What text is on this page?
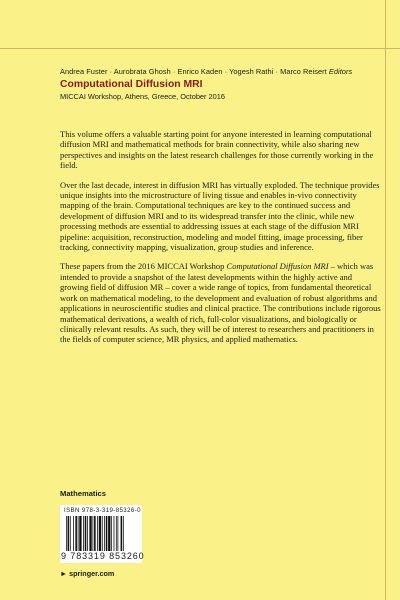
Andrea Fuster · Aurobrata Ghosh · Enrico Kaden · Yogesh Rathi · Marco Reisert Editors
Computational Diffusion MRI
MICCAI Workshop, Athens, Greece, October 2016

This volume offers a valuable starting point for anyone interested in learning computational diffusion MRI and mathematical methods for brain connectivity, while also sharing new perspectives and insights on the latest research challenges for those currently working in the field.

Over the last decade, interest in diffusion MRI has virtually exploded. The technique provides unique insights into the microstructure of living tissue and enables in-vivo connectivity mapping of the brain. Computational techniques are key to the continued success and development of diffusion MRI and to its widespread transfer into the clinic, while new processing methods are essential to addressing issues at each stage of the diffusion MRI pipeline: acquisition, reconstruction, modeling and model fitting, image processing, fiber tracking, connectivity mapping, visualization, group studies and inference.

These papers from the 2016 MICCAI Workshop Computational Diffusion MRI – which was intended to provide a snapshot of the latest developments within the highly active and growing field of diffusion MR – cover a wide range of topics, from fundamental theoretical work on mathematical modeling, to the development and evaluation of robust algorithms and applications in neuroscientific studies and clinical practice. The contributions include rigorous mathematical derivations, a wealth of rich, full-color visualizations, and biologically or clinically relevant results. As such, they will be of interest to researchers and practitioners in the fields of computer science, MR physics, and applied mathematics.

Mathematics
ISBN 978-3-319-85326-0
9 783319 853260
► springer.com
